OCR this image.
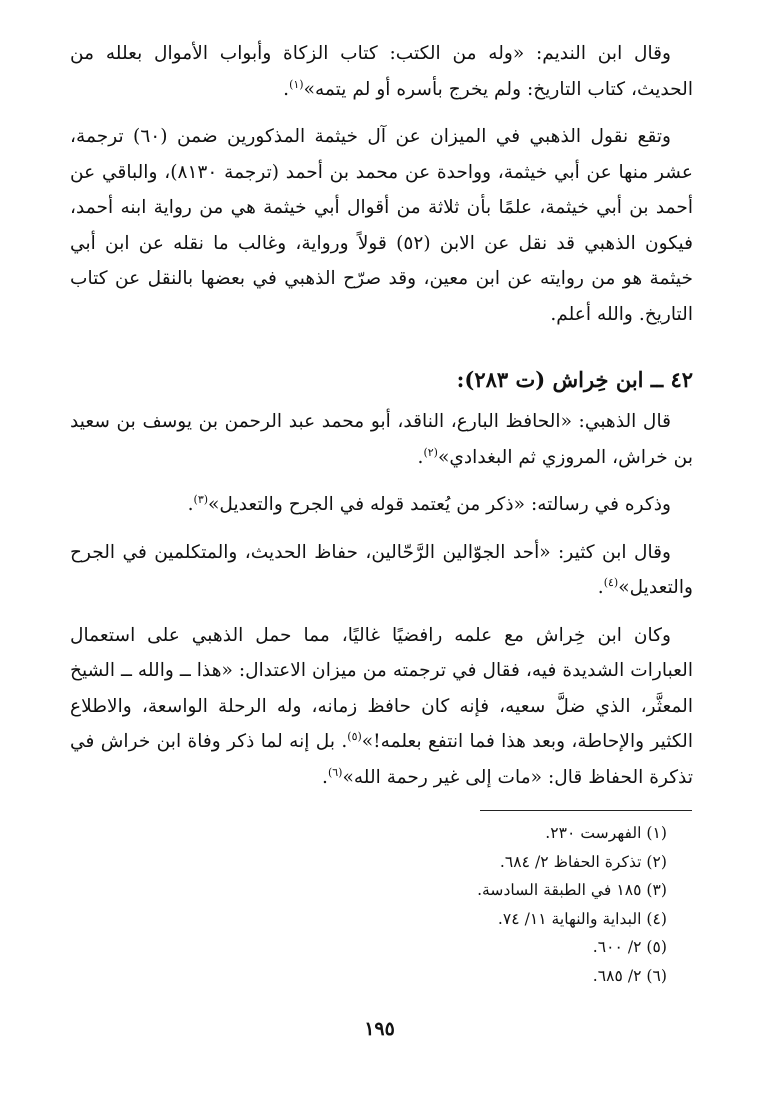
وقال ابن النديم: «وله من الكتب: كتاب الزكاة وأبواب الأموال بعلله من الحديث، كتاب التاريخ: ولم يخرج بأسره أو لم يتمه»$^{(١)}$.

وتقع نقول الذهبي في الميزان عن آل خيثمة المذكورين ضمن (٦٠) ترجمة، عشر منها عن أبي خيثمة، وواحدة عن محمد بن أحمد (ترجمة ٨١٣٠)، والباقي عن أحمد بن أبي خيثمة، علمًا بأن ثلاثة من أقوال أبي خيثمة هي من رواية ابنه أحمد، فيكون الذهبي قد نقل عن الابن (٥٢) قولاً ورواية، وغالب ما نقله عن ابن أبي خيثمة هو من روايته عن ابن معين، وقد صرّح الذهبي في بعضها بالنقل عن كتاب التاريخ. والله أعلم.

٤٢ ــ ابن خِراش (ت ٢٨٣):

قال الذهبي: «الحافظ البارع، الناقد، أبو محمد عبد الرحمن بن يوسف بن سعيد بن خراش، المروزي ثم البغدادي»$^{(٢)}$.

وذكره في رسالته: «ذكر من يُعتمد قوله في الجرح والتعديل»$^{(٣)}$.

وقال ابن كثير: «أحد الجوّالين الرَّحّالين، حفاظ الحديث، والمتكلمين في الجرح والتعديل»$^{(٤)}$.

وكان ابن خِراش مع علمه رافضيًا غاليًا، مما حمل الذهبي على استعمال العبارات الشديدة فيه، فقال في ترجمته من ميزان الاعتدال: «هذا ــ والله ــ الشيخ المعثَّر، الذي ضلَّ سعيه، فإنه كان حافظ زمانه، وله الرحلة الواسعة، والاطلاع الكثير والإحاطة، وبعد هذا فما انتفع بعلمه!»$^{(٥)}$. بل إنه لما ذكر وفاة ابن خراش في تذكرة الحفاظ قال: «مات إلى غير رحمة الله»$^{(٦)}$.

(١) الفهرست ٢٣٠.
(٢) تذكرة الحفاظ ٢/ ٦٨٤.
(٣) ١٨٥ في الطبقة السادسة.
(٤) البداية والنهاية ١١/ ٧٤.
(٥) ٢/ ٦٠٠.
(٦) ٢/ ٦٨٥.
١٩٥
